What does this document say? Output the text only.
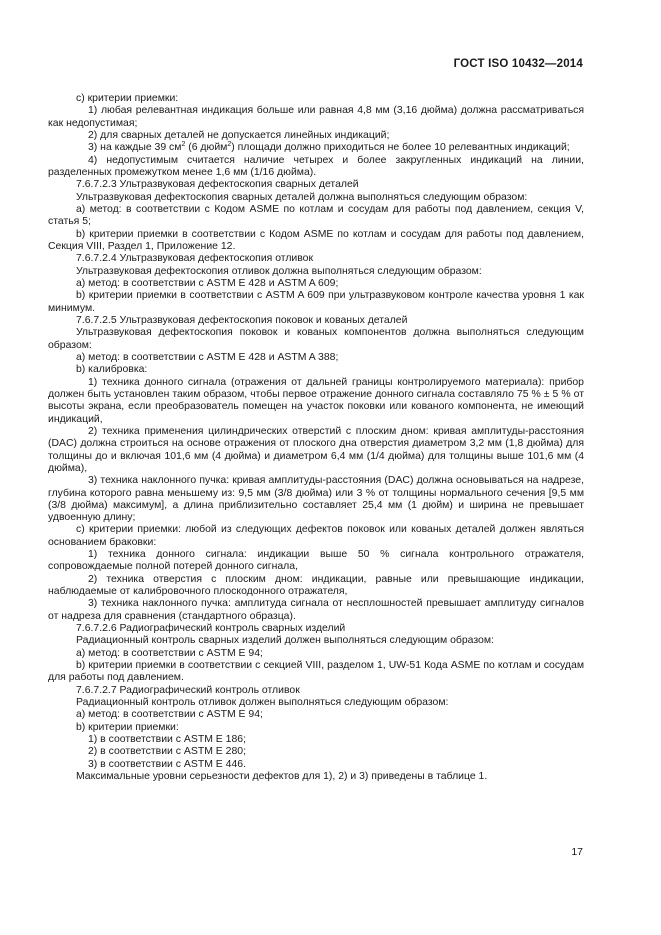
ГОСТ ISO 10432—2014

с) критерии приемки:

1) любая релевантная индикация больше или равная 4,8 мм (3,16 дюйма) должна рассматриваться как недопустимая;

2) для сварных деталей не допускается линейных индикаций;

3) на каждые 39 $см^2$ (6 дюйм$^2$) площади должно приходиться не более 10 релевантных индикаций;

4) недопустимым считается наличие четырех и более закругленных индикаций на линии, разделенных промежутком менее 1,6 мм (1/16 дюйма).

7.6.7.2.3 Ультразвуковая дефектоскопия сварных деталей

Ультразвуковая дефектоскопия сварных деталей должна выполняться следующим образом:

а) метод: в соответствии с Кодом ASME по котлам и сосудам для работы под давлением, секция V, статья 5;

b) критерии приемки в соответствии с Кодом ASME по котлам и сосудам для работы под давлением, Секция VIII, Раздел 1, Приложение 12.

7.6.7.2.4 Ультразвуковая дефектоскопия отливок

Ультразвуковая дефектоскопия отливок должна выполняться следующим образом:

а) метод: в соответствии с ASTM E 428 и ASTM A 609;

b) критерии приемки в соответствии с ASTM A 609 при ультразвуковом контроле качества уровня 1 как минимум.

7.6.7.2.5 Ультразвуковая дефектоскопия поковок и кованых деталей

Ультразвуковая дефектоскопия поковок и кованых компонентов должна выполняться следующим образом:

а) метод: в соответствии с ASTM E 428 и ASTM A 388;

b) калибровка:

1) техника донного сигнала (отражения от дальней границы контролируемого материала): прибор должен быть установлен таким образом, чтобы первое отражение донного сигнала составляло 75 % ± 5 % от высоты экрана, если преобразователь помещен на участок поковки или кованого компонента, не имеющий индикаций,

2) техника применения цилиндрических отверстий с плоским дном: кривая амплитуды-расстояния (DAC) должна строиться на основе отражения от плоского дна отверстия диаметром 3,2 мм (1,8 дюйма) для толщины до и включая 101,6 мм (4 дюйма) и диаметром 6,4 мм (1/4 дюйма) для толщины выше 101,6 мм (4 дюйма),

3) техника наклонного пучка: кривая амплитуды-расстояния (DAC) должна основываться на надрезе, глубина которого равна меньшему из: 9,5 мм (3/8 дюйма) или 3 % от толщины нормального сечения [9,5 мм (3/8 дюйма) максимум], а длина приблизительно составляет 25,4 мм (1 дюйм) и ширина не превышает удвоенную длину;

с) критерии приемки: любой из следующих дефектов поковок или кованых деталей должен являться основанием браковки:

1) техника донного сигнала: индикации выше 50 % сигнала контрольного отражателя, сопровождаемые полной потерей донного сигнала,

2) техника отверстия с плоским дном: индикации, равные или превышающие индикации, наблюдаемые от калибровочного плоскодонного отражателя,

3) техника наклонного пучка: амплитуда сигнала от несплошностей превышает амплитуду сигналов от надреза для сравнения (стандартного образца).

7.6.7.2.6 Радиографический контроль сварных изделий

Радиационный контроль сварных изделий должен выполняться следующим образом:

а) метод: в соответствии с ASTM E 94;

b) критерии приемки в соответствии с секцией VIII, разделом 1, UW-51 Кода ASME по котлам и сосудам для работы под давлением.

7.6.7.2.7 Радиографический контроль отливок

Радиационный контроль отливок должен выполняться следующим образом:

а) метод: в соответствии с ASTM E 94;

b) критерии приемки:

1) в соответствии с ASTM E 186;

2) в соответствии с ASTM E 280;

3) в соответствии с ASTM E 446.

Максимальные уровни серьезности дефектов для 1), 2) и 3) приведены в таблице 1.

17
